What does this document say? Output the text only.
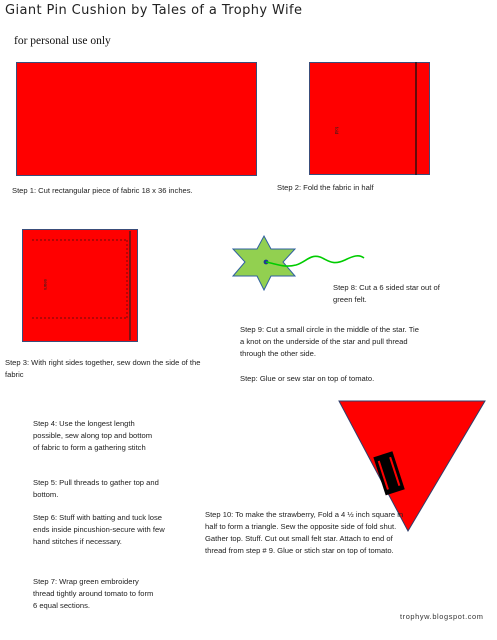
Giant Pin Cushion by Tales of a Trophy Wife
for personal use only
Step 1: Cut rectangular piece of fabric 18 x 36 inches.
fold
Step 2: Fold the fabric in half
seam
Step 3: With right sides together, sew down the side of the fabric
Step 8: Cut a 6 sided star out of green felt.
Step 9: Cut a small circle in the middle of the star. Tie a knot on the underside of the star and pull thread through the other side.
Step: Glue or sew star on top of tomato.
Step 4: Use the longest length possible, sew along top and bottom of fabric to form a gathering stitch
Step 5: Pull threads to gather top and bottom.
Step 6: Stuff with batting and tuck lose ends inside pincushion-secure with few hand stitches if necessary.
Step 7: Wrap green embroidery thread tightly around tomato to form 6 equal sections.
Step 10: To make the strawberry, Fold a 4 ½ inch square in half to form a triangle. Sew the opposite side of fold shut. Gather top. Stuff. Cut out small felt star. Attach to end of thread from step # 9. Glue or stich star on top of tomato.
trophyw.blogspot.com
